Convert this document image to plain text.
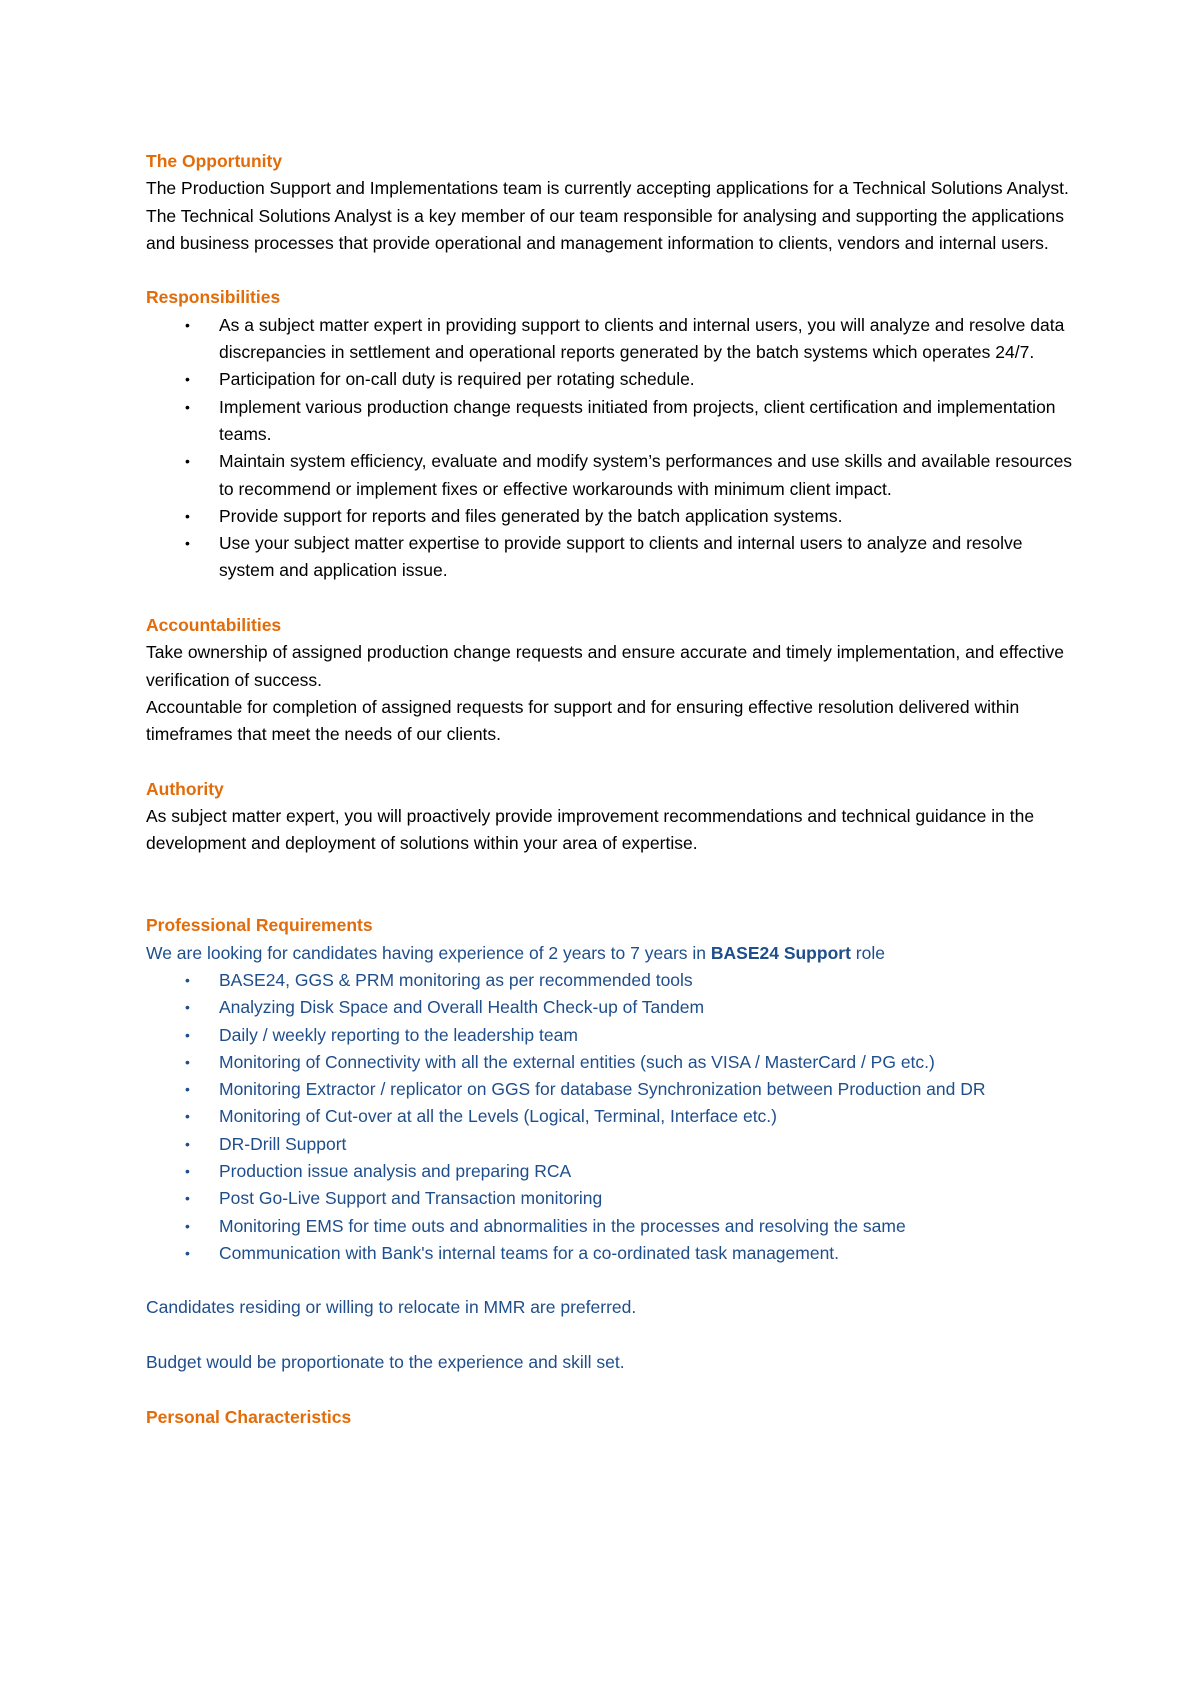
The Opportunity

The Production Support and Implementations team is currently accepting applications for a Technical Solutions Analyst. The Technical Solutions Analyst is a key member of our team responsible for analysing and supporting the applications and business processes that provide operational and management information to clients, vendors and internal users.

Responsibilities
• As a subject matter expert in providing support to clients and internal users, you will analyze and resolve data discrepancies in settlement and operational reports generated by the batch systems which operates 24/7.
• Participation for on-call duty is required per rotating schedule.
• Implement various production change requests initiated from projects, client certification and implementation teams.
• Maintain system efficiency, evaluate and modify system’s performances and use skills and available resources to recommend or implement fixes or effective workarounds with minimum client impact.
• Provide support for reports and files generated by the batch application systems.
• Use your subject matter expertise to provide support to clients and internal users to analyze and resolve system and application issue.
Accountabilities

Take ownership of assigned production change requests and ensure accurate and timely implementation, and effective verification of success.

Accountable for completion of assigned requests for support and for ensuring effective resolution delivered within timeframes that meet the needs of our clients.

Authority

As subject matter expert, you will proactively provide improvement recommendations and technical guidance in the development and deployment of solutions within your area of expertise.

Professional Requirements

We are looking for candidates having experience of 2 years to 7 years in BASE24 Support role

• BASE24, GGS & PRM monitoring as per recommended tools
• Analyzing Disk Space and Overall Health Check-up of Tandem
• Daily / weekly reporting to the leadership team
• Monitoring of Connectivity with all the external entities (such as VISA / MasterCard / PG etc.)
• Monitoring Extractor / replicator on GGS for database Synchronization between Production and DR
• Monitoring of Cut-over at all the Levels (Logical, Terminal, Interface etc.)
• DR-Drill Support
• Production issue analysis and preparing RCA
• Post Go-Live Support and Transaction monitoring
• Monitoring EMS for time outs and abnormalities in the processes and resolving the same
• Communication with Bank's internal teams for a co-ordinated task management.

Candidates residing or willing to relocate in MMR are preferred.

Budget would be proportionate to the experience and skill set.

Personal Characteristics
